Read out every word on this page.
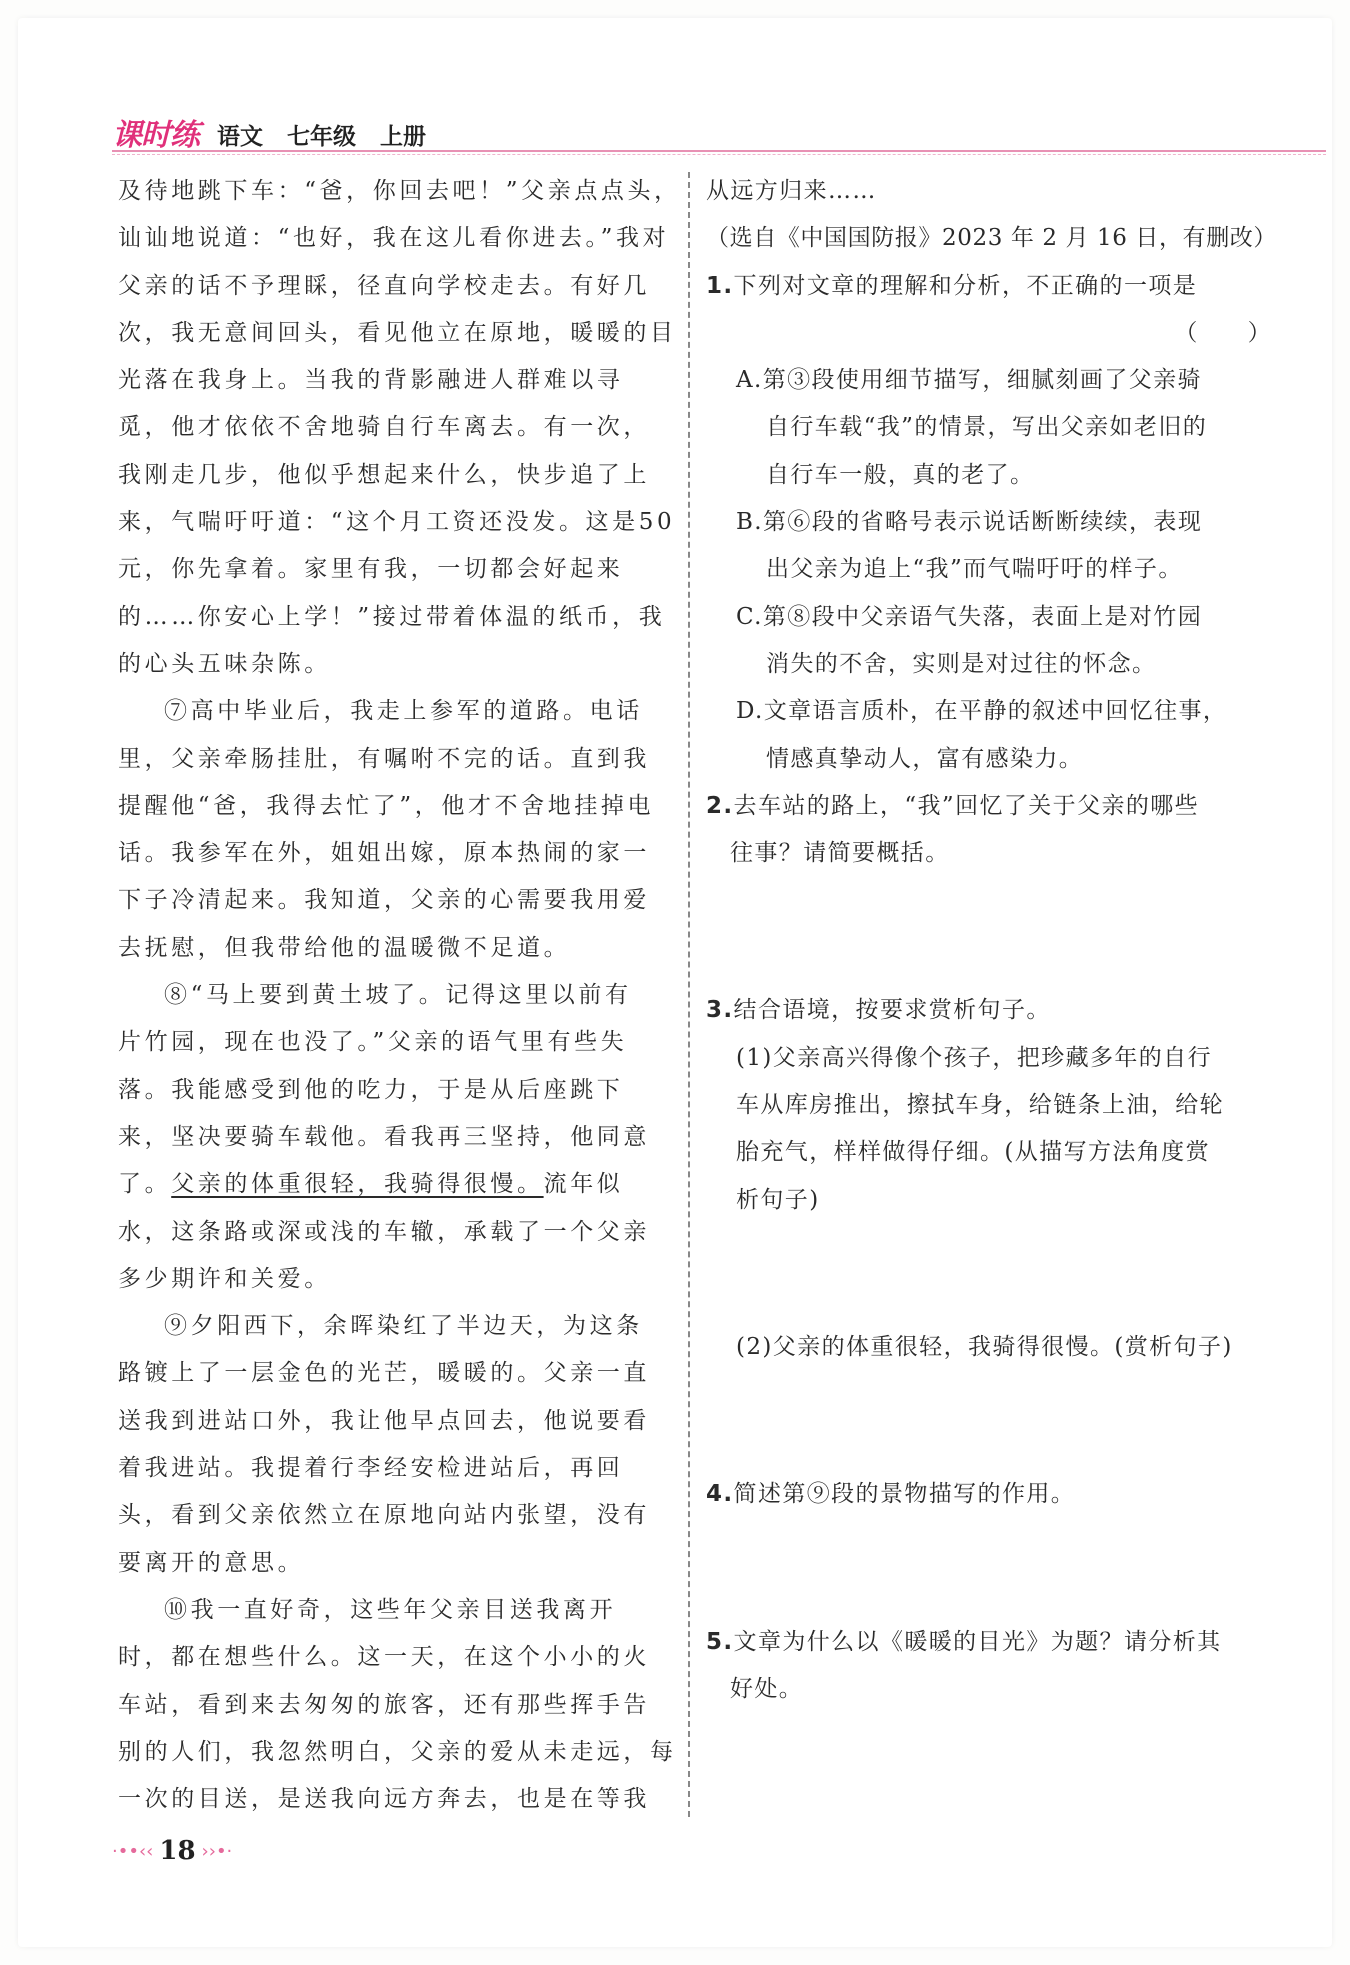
课时练 语文 七年级 上册
及待地跳下车：“爸，你回去吧！”父亲点点头，
讪讪地说道：“也好，我在这儿看你进去。”我对
父亲的话不予理睬，径直向学校走去。有好几
次，我无意间回头，看见他立在原地，暖暖的目
光落在我身上。当我的背影融进人群难以寻
觅，他才依依不舍地骑自行车离去。有一次，
我刚走几步，他似乎想起来什么，快步追了上
来，气喘吁吁道：“这个月工资还没发。这是50
元，你先拿着。家里有我，一切都会好起来
的……你安心上学！”接过带着体温的纸币，我
的心头五味杂陈。
⑦高中毕业后，我走上参军的道路。电话
里，父亲牵肠挂肚，有嘱咐不完的话。直到我
提醒他“爸，我得去忙了”，他才不舍地挂掉电
话。我参军在外，姐姐出嫁，原本热闹的家一
下子冷清起来。我知道，父亲的心需要我用爱
去抚慰，但我带给他的温暖微不足道。
⑧“马上要到黄土坡了。记得这里以前有
片竹园，现在也没了。”父亲的语气里有些失
落。我能感受到他的吃力，于是从后座跳下
来，坚决要骑车载他。看我再三坚持，他同意
了。父亲的体重很轻，我骑得很慢。流年似
水，这条路或深或浅的车辙，承载了一个父亲
多少期许和关爱。
⑨夕阳西下，余晖染红了半边天，为这条
路镀上了一层金色的光芒，暖暖的。父亲一直
送我到进站口外，我让他早点回去，他说要看
着我进站。我提着行李经安检进站后，再回
头，看到父亲依然立在原地向站内张望，没有
要离开的意思。
⑩我一直好奇，这些年父亲目送我离开
时，都在想些什么。这一天，在这个小小的火
车站，看到来去匆匆的旅客，还有那些挥手告
别的人们，我忽然明白，父亲的爱从未走远，每
一次的目送，是送我向远方奔去，也是在等我
从远方归来……
（选自《中国国防报》2023 年 2 月 16 日，有删改）
1.下列对文章的理解和分析，不正确的一项是
（　　）
A.第③段使用细节描写，细腻刻画了父亲骑
自行车载“我”的情景，写出父亲如老旧的
自行车一般，真的老了。
B.第⑥段的省略号表示说话断断续续，表现
出父亲为追上“我”而气喘吁吁的样子。
C.第⑧段中父亲语气失落，表面上是对竹园
消失的不舍，实则是对过往的怀念。
D.文章语言质朴，在平静的叙述中回忆往事，
情感真挚动人，富有感染力。
2.去车站的路上，“我”回忆了关于父亲的哪些
往事？请简要概括。
3.结合语境，按要求赏析句子。
(1)父亲高兴得像个孩子，把珍藏多年的自行
车从库房推出，擦拭车身，给链条上油，给轮
胎充气，样样做得仔细。(从描写方法角度赏
析句子)
(2)父亲的体重很轻，我骑得很慢。(赏析句子)
4.简述第⑨段的景物描写的作用。
5.文章为什么以《暖暖的目光》为题？请分析其
好处。
·••‹‹ 18 ››•·
